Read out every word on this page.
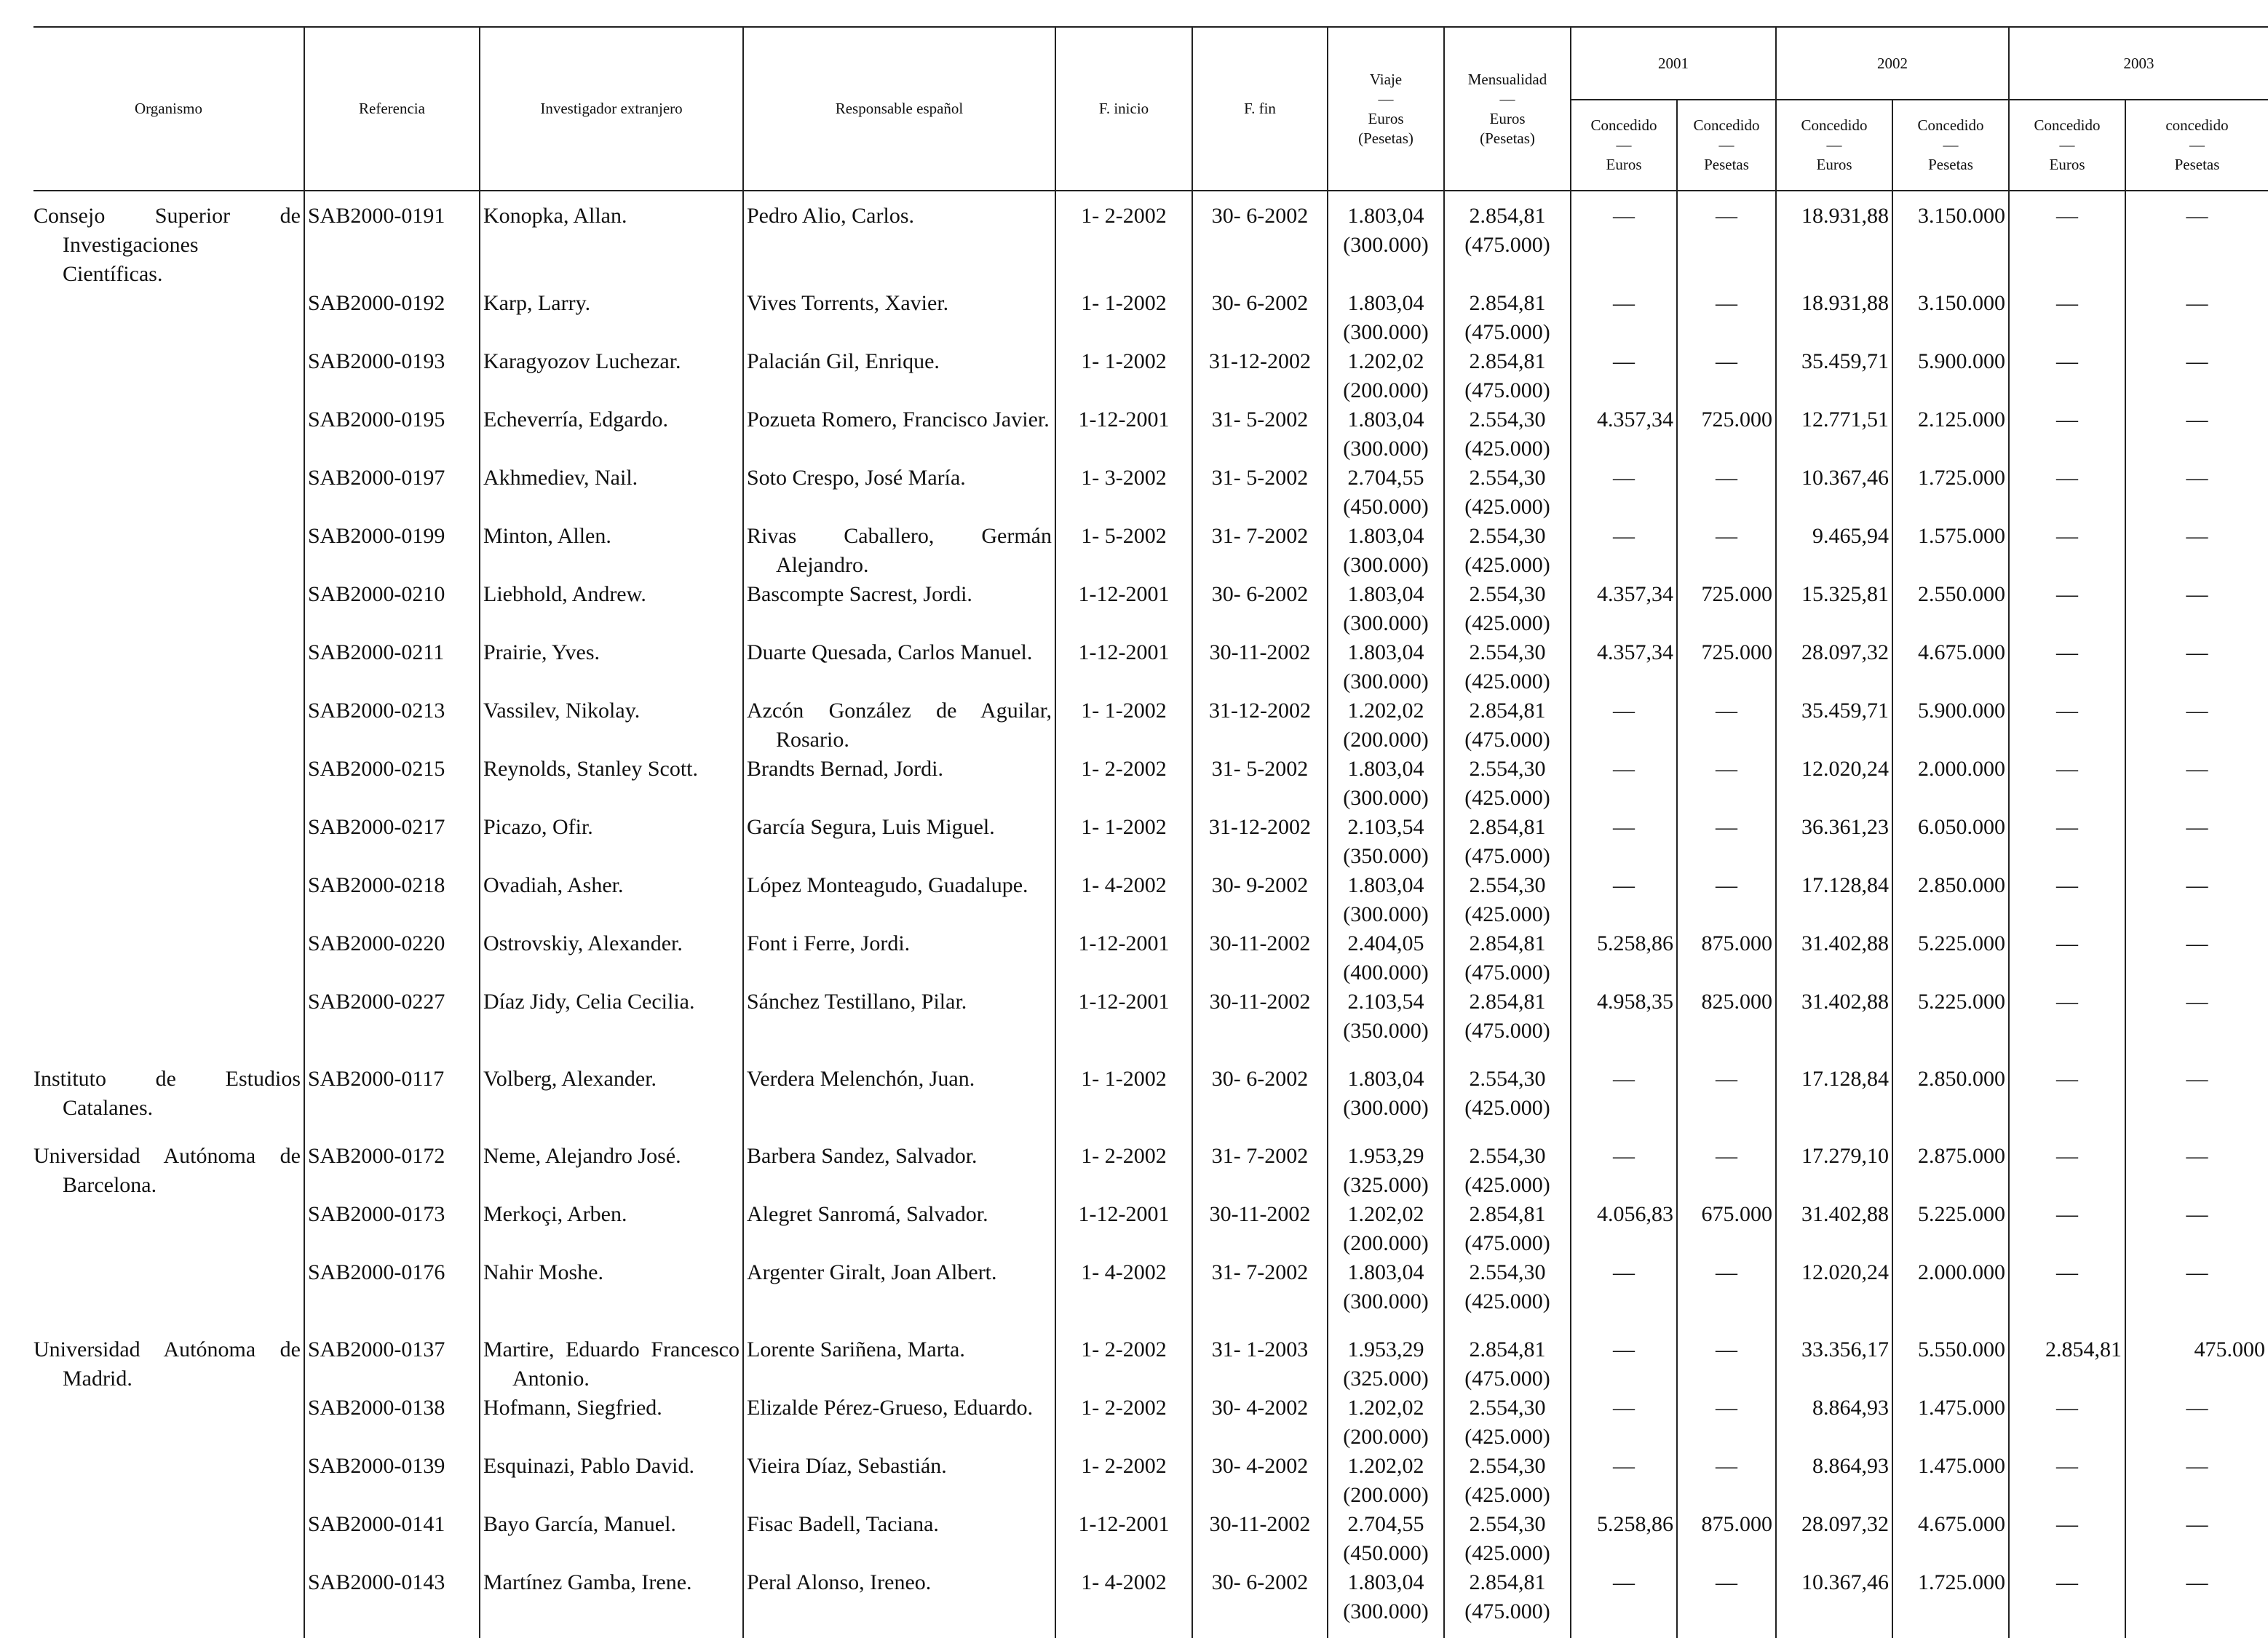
Organismo	Referencia	Investigador extranjero	Responsable español	F. inicio	F. fin	Viaje
—
Euros
(Pesetas)	Mensualidad
—
Euros
(Pesetas)	2001		2002		2003	
								Concedido
—
Euros	Concedido
—
Pesetas	Concedido
—
Euros	Concedido
—
Pesetas	Concedido
—
Euros	concedido
—
Pesetas

Consejo Superior de Investigaciones Científicas.	SAB2000-0191	Konopka, Allan.	Pedro Alio, Carlos.	1- 2-2002	30- 6-2002	1.803,04
(300.000)	2.854,81
(475.000)	—	—	18.931,88	3.150.000	—	—
	SAB2000-0192	Karp, Larry.	Vives Torrents, Xavier.	1- 1-2002	30- 6-2002	1.803,04
(300.000)	2.854,81
(475.000)	—	—	18.931,88	3.150.000	—	—
	SAB2000-0193	Karagyozov Luchezar.	Palacián Gil, Enrique.	1- 1-2002	31-12-2002	1.202,02
(200.000)	2.854,81
(475.000)	—	—	35.459,71	5.900.000	—	—
	SAB2000-0195	Echeverría, Edgardo.	Pozueta Romero, Francisco Javier.	1-12-2001	31- 5-2002	1.803,04
(300.000)	2.554,30
(425.000)	4.357,34	725.000	12.771,51	2.125.000	—	—
	SAB2000-0197	Akhmediev, Nail.	Soto Crespo, José María.	1- 3-2002	31- 5-2002	2.704,55
(450.000)	2.554,30
(425.000)	—	—	10.367,46	1.725.000	—	—
	SAB2000-0199	Minton, Allen.	Rivas Caballero, Germán Alejandro.	1- 5-2002	31- 7-2002	1.803,04
(300.000)	2.554,30
(425.000)	—	—	9.465,94	1.575.000	—	—
	SAB2000-0210	Liebhold, Andrew.	Bascompte Sacrest, Jordi.	1-12-2001	30- 6-2002	1.803,04
(300.000)	2.554,30
(425.000)	4.357,34	725.000	15.325,81	2.550.000	—	—
	SAB2000-0211	Prairie, Yves.	Duarte Quesada, Carlos Manuel.	1-12-2001	30-11-2002	1.803,04
(300.000)	2.554,30
(425.000)	4.357,34	725.000	28.097,32	4.675.000	—	—
	SAB2000-0213	Vassilev, Nikolay.	Azcón González de Aguilar, Rosario.	1- 1-2002	31-12-2002	1.202,02
(200.000)	2.854,81
(475.000)	—	—	35.459,71	5.900.000	—	—
	SAB2000-0215	Reynolds, Stanley Scott.	Brandts Bernad, Jordi.	1- 2-2002	31- 5-2002	1.803,04
(300.000)	2.554,30
(425.000)	—	—	12.020,24	2.000.000	—	—
	SAB2000-0217	Picazo, Ofir.	García Segura, Luis Miguel.	1- 1-2002	31-12-2002	2.103,54
(350.000)	2.854,81
(475.000)	—	—	36.361,23	6.050.000	—	—
	SAB2000-0218	Ovadiah, Asher.	López Monteagudo, Guadalupe.	1- 4-2002	30- 9-2002	1.803,04
(300.000)	2.554,30
(425.000)	—	—	17.128,84	2.850.000	—	—
	SAB2000-0220	Ostrovskiy, Alexander.	Font i Ferre, Jordi.	1-12-2001	30-11-2002	2.404,05
(400.000)	2.854,81
(475.000)	5.258,86	875.000	31.402,88	5.225.000	—	—
	SAB2000-0227	Díaz Jidy, Celia Cecilia.	Sánchez Testillano, Pilar.	1-12-2001	30-11-2002	2.103,54
(350.000)	2.854,81
(475.000)	4.958,35	825.000	31.402,88	5.225.000	—	—

Instituto de Estudios Catalanes.	SAB2000-0117	Volberg, Alexander.	Verdera Melenchón, Juan.	1- 1-2002	30- 6-2002	1.803,04
(300.000)	2.554,30
(425.000)	—	—	17.128,84	2.850.000	—	—

Universidad Autónoma de Barcelona.	SAB2000-0172	Neme, Alejandro José.	Barbera Sandez, Salvador.	1- 2-2002	31- 7-2002	1.953,29
(325.000)	2.554,30
(425.000)	—	—	17.279,10	2.875.000	—	—
	SAB2000-0173	Merkoçi, Arben.	Alegret Sanromá, Salvador.	1-12-2001	30-11-2002	1.202,02
(200.000)	2.854,81
(475.000)	4.056,83	675.000	31.402,88	5.225.000	—	—
	SAB2000-0176	Nahir Moshe.	Argenter Giralt, Joan Albert.	1- 4-2002	31- 7-2002	1.803,04
(300.000)	2.554,30
(425.000)	—	—	12.020,24	2.000.000	—	—

Universidad Autónoma de Madrid.	SAB2000-0137	Martire, Eduardo Francesco Antonio.	Lorente Sariñena, Marta.	1- 2-2002	31- 1-2003	1.953,29
(325.000)	2.854,81
(475.000)	—	—	33.356,17	5.550.000	2.854,81	475.000
	SAB2000-0138	Hofmann, Siegfried.	Elizalde Pérez-Grueso, Eduardo.	1- 2-2002	30- 4-2002	1.202,02
(200.000)	2.554,30
(425.000)	—	—	8.864,93	1.475.000	—	—
	SAB2000-0139	Esquinazi, Pablo David.	Vieira Díaz, Sebastián.	1- 2-2002	30- 4-2002	1.202,02
(200.000)	2.554,30
(425.000)	—	—	8.864,93	1.475.000	—	—
	SAB2000-0141	Bayo García, Manuel.	Fisac Badell, Taciana.	1-12-2001	30-11-2002	2.704,55
(450.000)	2.554,30
(425.000)	5.258,86	875.000	28.097,32	4.675.000	—	—
	SAB2000-0143	Martínez Gamba, Irene.	Peral Alonso, Ireneo.	1- 4-2002	30- 6-2002	1.803,04
(300.000)	2.854,81
(475.000)	—	—	10.367,46	1.725.000	—	—
